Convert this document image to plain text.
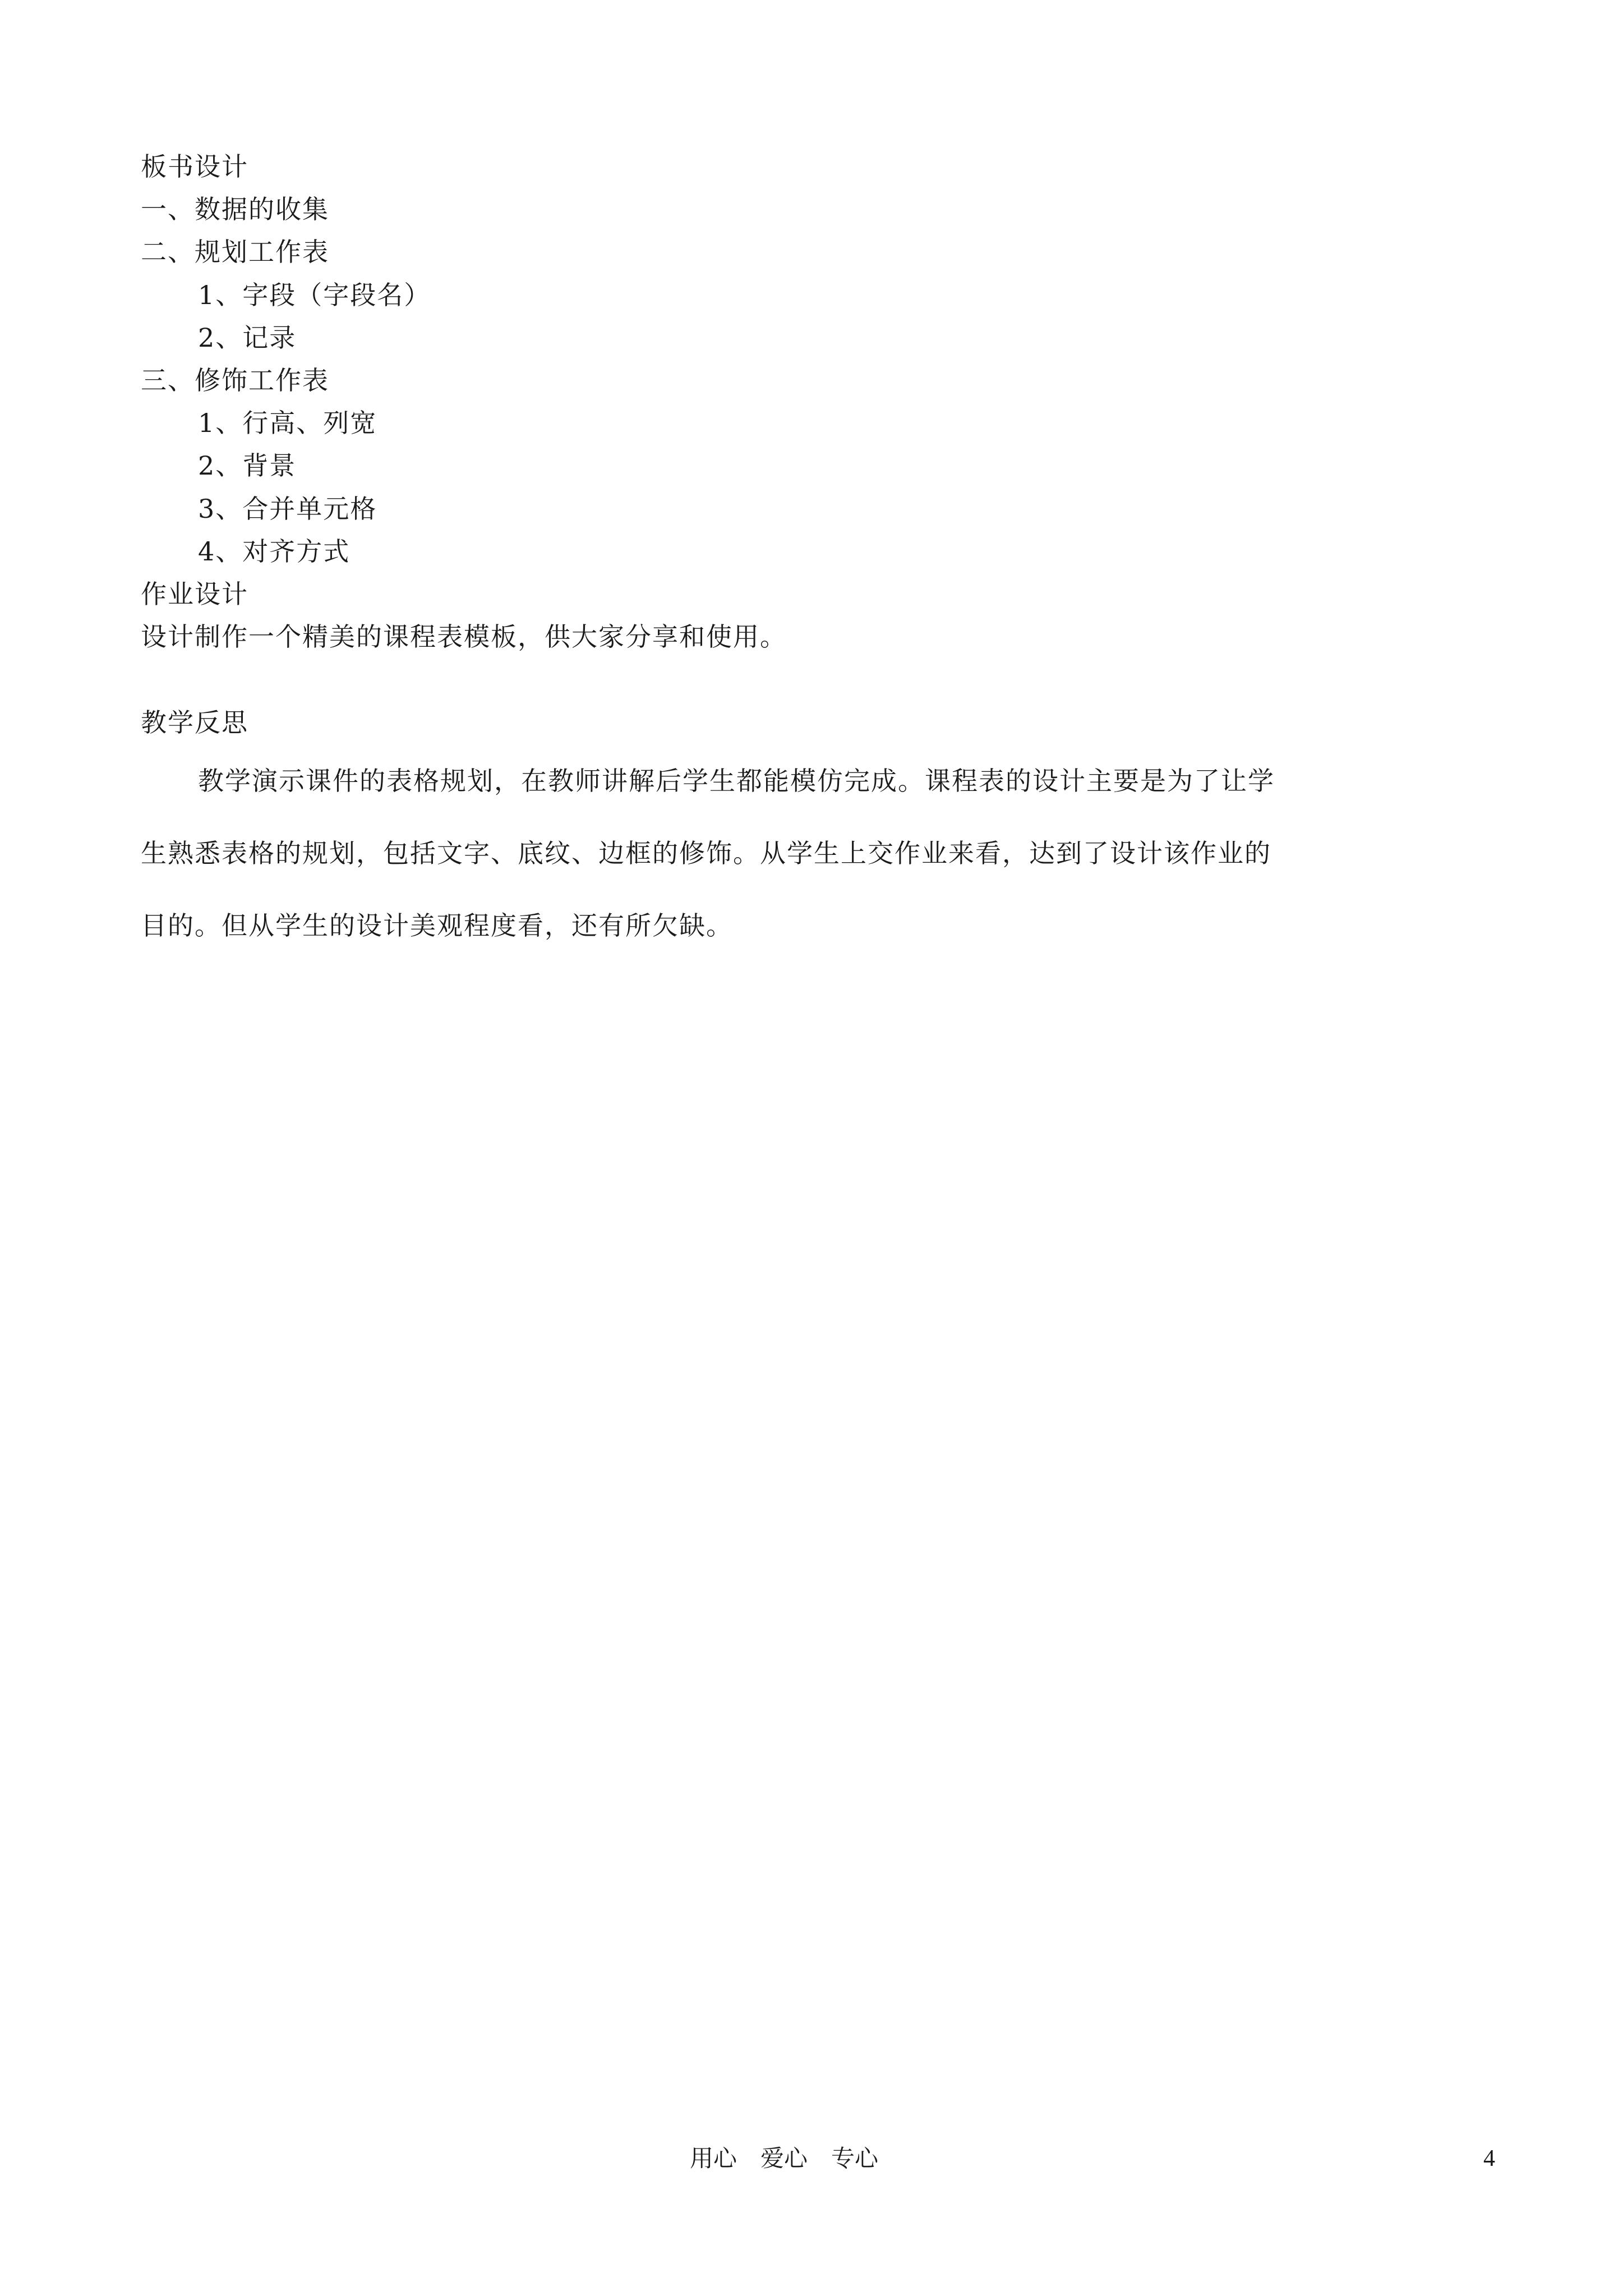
板书设计
一、数据的收集
二、规划工作表
1、字段（字段名）
2、记录
三、修饰工作表
1、行高、列宽
2、背景
3、合并单元格
4、对齐方式
作业设计
设计制作一个精美的课程表模板，供大家分享和使用。
教学反思

教学演示课件的表格规划，在教师讲解后学生都能模仿完成。课程表的设计主要是为了让学生熟悉表格的规划，包括文字、底纹、边框的修饰。从学生上交作业来看，达到了设计该作业的目的。但从学生的设计美观程度看，还有所欠缺。

用心　爱心　专心	4
